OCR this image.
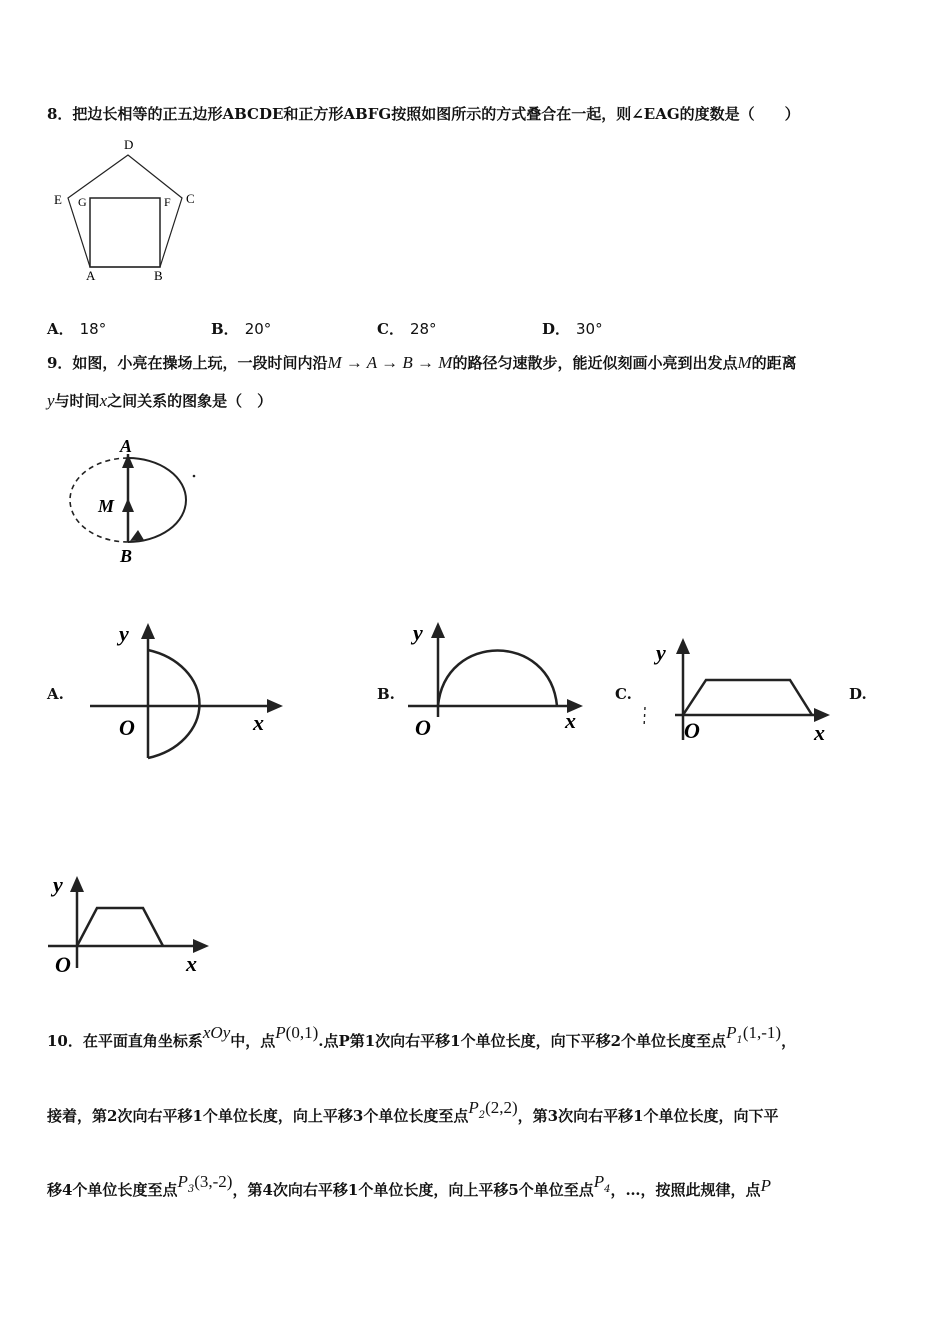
8．把边长相等的正五边形ABCDE和正方形ABFG按照如图所示的方式叠合在一起，则∠EAG的度数是（　　）
D
E G	F C
A	B
A． 18°	B． 20°	C． 28°	D． 30°
9．如图，小亮在操场上玩，一段时间内沿M → A → B → M的路径匀速散步，能近似刻画小亮到出发点M的距离
y与时间x之间关系的图象是（　）
A
M
B
A.
y
O	x
B.
y
O	x
C.
y
O	x
D.
y
O	x
10．在平面直角坐标系xOy中，点P(0,1).点P第1次向右平移1个单位长度，向下平移2个单位长度至点$P^1(1,‑1)$，
接着，第2次向右平移1个单位长度，向上平移3个单位长度至点$P^2(2,2)$，第3次向右平移1个单位长度，向下平
移4个单位长度至点$P^3(3,‑2)$，第4次向右平移1个单位长度，向上平移5个单位至点$P^4$，…，按照此规律，点P
